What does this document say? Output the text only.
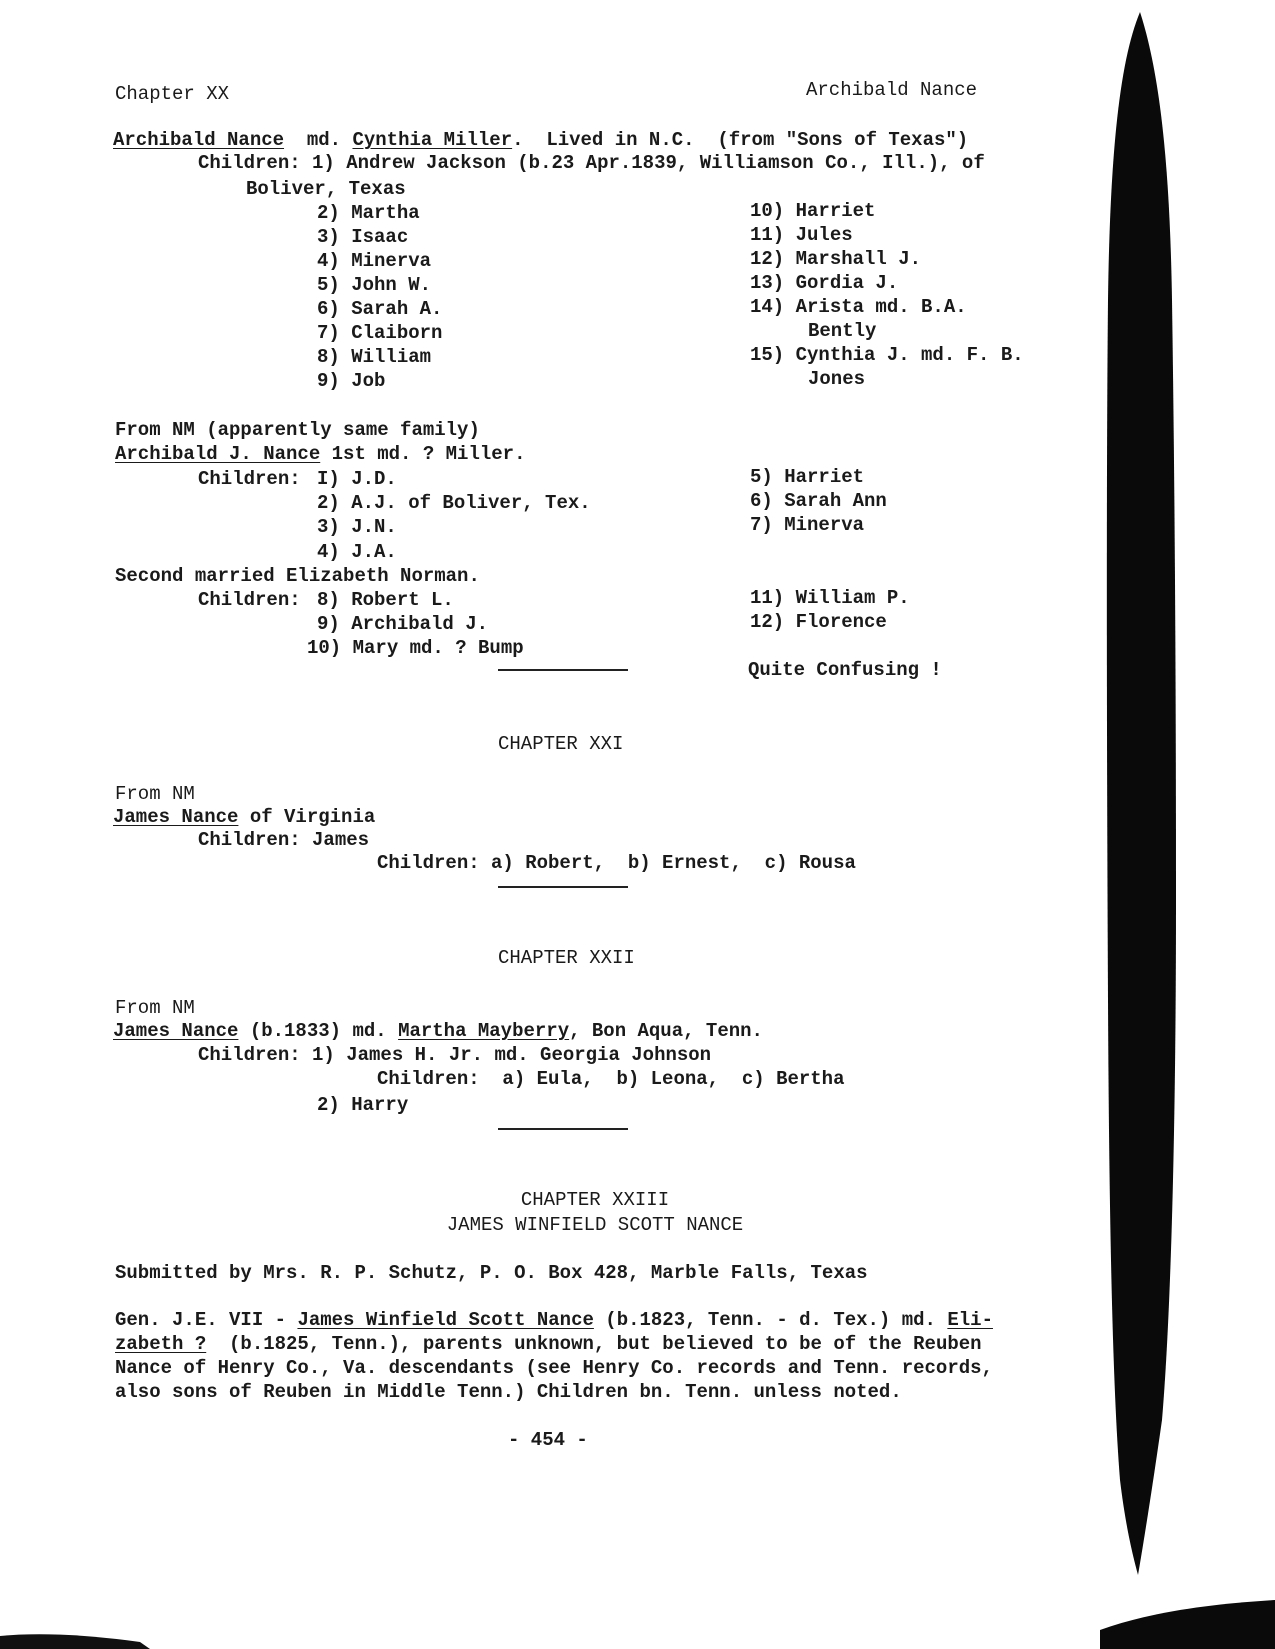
Chapter XX	Archibald Nance
Archibald Nance md. Cynthia Miller.  Lived in N.C.  (from "Sons of Texas")
Children: 1) Andrew Jackson (b.23 Apr.1839, Williamson Co., Ill.), of
Boliver, Texas
2) Martha
3) Isaac
4) Minerva
5) John W.
6) Sarah A.
7) Claiborn
8) William
9) Job
10) Harriet
11) Jules
12) Marshall J.
13) Gordia J.
14) Arista md. B.A.
Bently
15) Cynthia J. md. F. B.
Jones
From NM (apparently same family)
Archibald J. Nance 1st md. ? Miller.
Children: I) J.D.
2) A.J. of Boliver, Tex.
3) J.N.
4) J.A.
5) Harriet
6) Sarah Ann
7) Minerva
Second married Elizabeth Norman.
Children: 8) Robert L.
9) Archibald J.
10) Mary md. ? Bump
11) William P.
12) Florence
Quite Confusing !
CHAPTER XXI
From NM
James Nance of Virginia
Children: James
Children: a) Robert,  b) Ernest,  c) Rousa
CHAPTER XXII
From NM
James Nance (b.1833) md. Martha Mayberry, Bon Aqua, Tenn.
Children: 1) James H. Jr. md. Georgia Johnson
Children:  a) Eula,  b) Leona,  c) Bertha
2) Harry
CHAPTER XXIII
JAMES WINFIELD SCOTT NANCE
Submitted by Mrs. R. P. Schutz, P. O. Box 428, Marble Falls, Texas
Gen. J.E. VII - James Winfield Scott Nance (b.1823, Tenn. - d. Tex.) md. Eli-
zabeth ?  (b.1825, Tenn.), parents unknown, but believed to be of the Reuben
Nance of Henry Co., Va. descendants (see Henry Co. records and Tenn. records,
also sons of Reuben in Middle Tenn.) Children bn. Tenn. unless noted.
- 454 -
